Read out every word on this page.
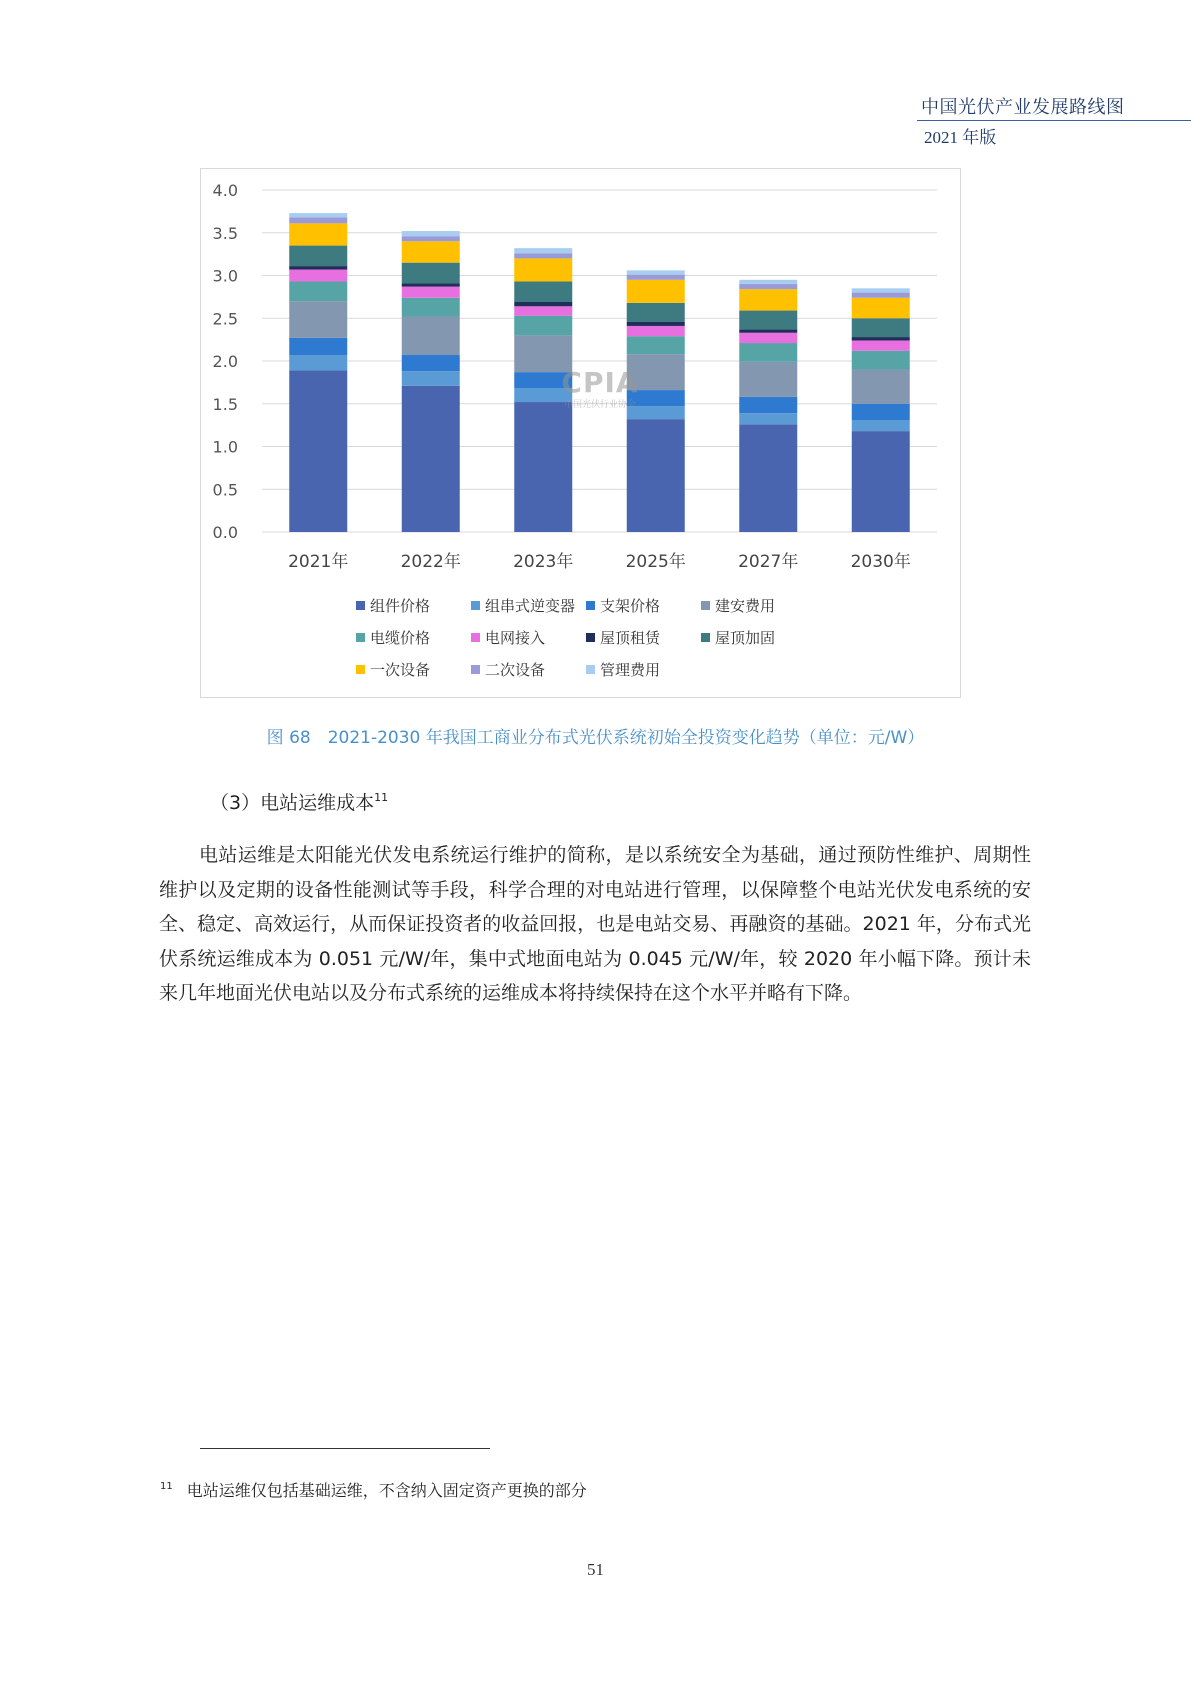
中国光伏产业发展路线图
2021 年版
0.0
0.5
1.0
1.5
2.0
2.5
3.0
3.5
4.0
2021年	2022年	2023年	2025年	2027年	2030年
CPIA
中国光伏行业协会
组件价格	组串式逆变器 支架价格	建安费用
电缆价格	电网接入	屋顶租赁	屋顶加固
一次设备	二次设备	管理费用
图 68　2021-2030 年我国工商业分布式光伏系统初始全投资变化趋势（单位：元/W）
（3）电站运维成本$^{11}$
电站运维是太阳能光伏发电系统运行维护的简称，是以系统安全为基础，通过预防性维护、周期性维护以及定期的设备性能测试等手段，科学合理的对电站进行管理，以保障整个电站光伏发电系统的安全、稳定、高效运行，从而保证投资者的收益回报，也是电站交易、再融资的基础。2021 年，分布式光伏系统运维成本为 0.051 元/W/年，集中式地面电站为 0.045 元/W/年，较 2020 年小幅下降。预计未来几年地面光伏电站以及分布式系统的运维成本将持续保持在这个水平并略有下降。
$^{11}$ 电站运维仅包括基础运维，不含纳入固定资产更换的部分
51
